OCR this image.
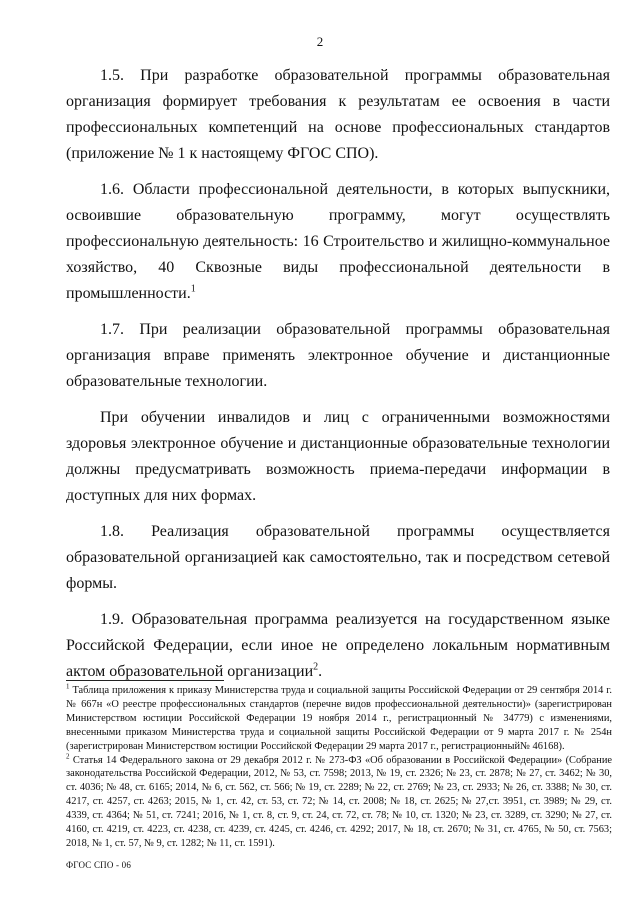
2

1.5. При разработке образовательной программы образовательная организация формирует требования к результатам ее освоения в части профессиональных компетенций на основе профессиональных стандартов (приложение № 1 к настоящему ФГОС СПО).

1.6. Области профессиональной деятельности, в которых выпускники, освоившие образовательную программу, могут осуществлять профессиональную деятельность: 16 Строительство и жилищно-коммунальное хозяйство, 40 Сквозные виды профессиональной деятельности в промышленности.$^1$

1.7. При реализации образовательной программы образовательная организация вправе применять электронное обучение и дистанционные образовательные технологии.

При обучении инвалидов и лиц с ограниченными возможностями здоровья электронное обучение и дистанционные образовательные технологии должны предусматривать возможность приема-передачи информации в доступных для них формах.

1.8. Реализация образовательной программы осуществляется образовательной организацией как самостоятельно, так и посредством сетевой формы.

1.9. Образовательная программа реализуется на государственном языке Российской Федерации, если иное не определено локальным нормативным актом образовательной организации$^2$.

$^1$ Таблица приложения к приказу Министерства труда и социальной защиты Российской Федерации от 29 сентября 2014 г. № 667н «О реестре профессиональных стандартов (перечне видов профессиональной деятельности)» (зарегистрирован Министерством юстиции Российской Федерации 19 ноября 2014 г., регистрационный № 34779) с изменениями, внесенными приказом Министерства труда и социальной защиты Российской Федерации от 9 марта 2017 г. № 254н (зарегистрирован Министерством юстиции Российской Федерации 29 марта 2017 г., регистрационный№ 46168).

$^2$ Статья 14 Федерального закона от 29 декабря 2012 г. № 273-ФЗ «Об образовании в Российской Федерации» (Собрание законодательства Российской Федерации, 2012, № 53, ст. 7598; 2013, № 19, ст. 2326; № 23, ст. 2878; № 27, ст. 3462; № 30, ст. 4036; № 48, ст. 6165; 2014, № 6, ст. 562, ст. 566; № 19, ст. 2289; № 22, ст. 2769; № 23, ст. 2933; № 26, ст. 3388; № 30, ст. 4217, ст. 4257, ст. 4263; 2015, № 1, ст. 42, ст. 53, ст. 72; № 14, ст. 2008; № 18, ст. 2625; № 27,ст. 3951, ст. 3989; № 29, ст. 4339, ст. 4364; № 51, ст. 7241; 2016, № 1, ст. 8, ст. 9, ст. 24, ст. 72, ст. 78; № 10, ст. 1320; № 23, ст. 3289, ст. 3290; № 27, ст. 4160, ст. 4219, ст. 4223, ст. 4238, ст. 4239, ст. 4245, ст. 4246, ст. 4292; 2017, № 18, ст. 2670; № 31, ст. 4765, № 50, ст. 7563; 2018, № 1, ст. 57, № 9, ст. 1282; № 11, ст. 1591).

ФГОС СПО - 06
